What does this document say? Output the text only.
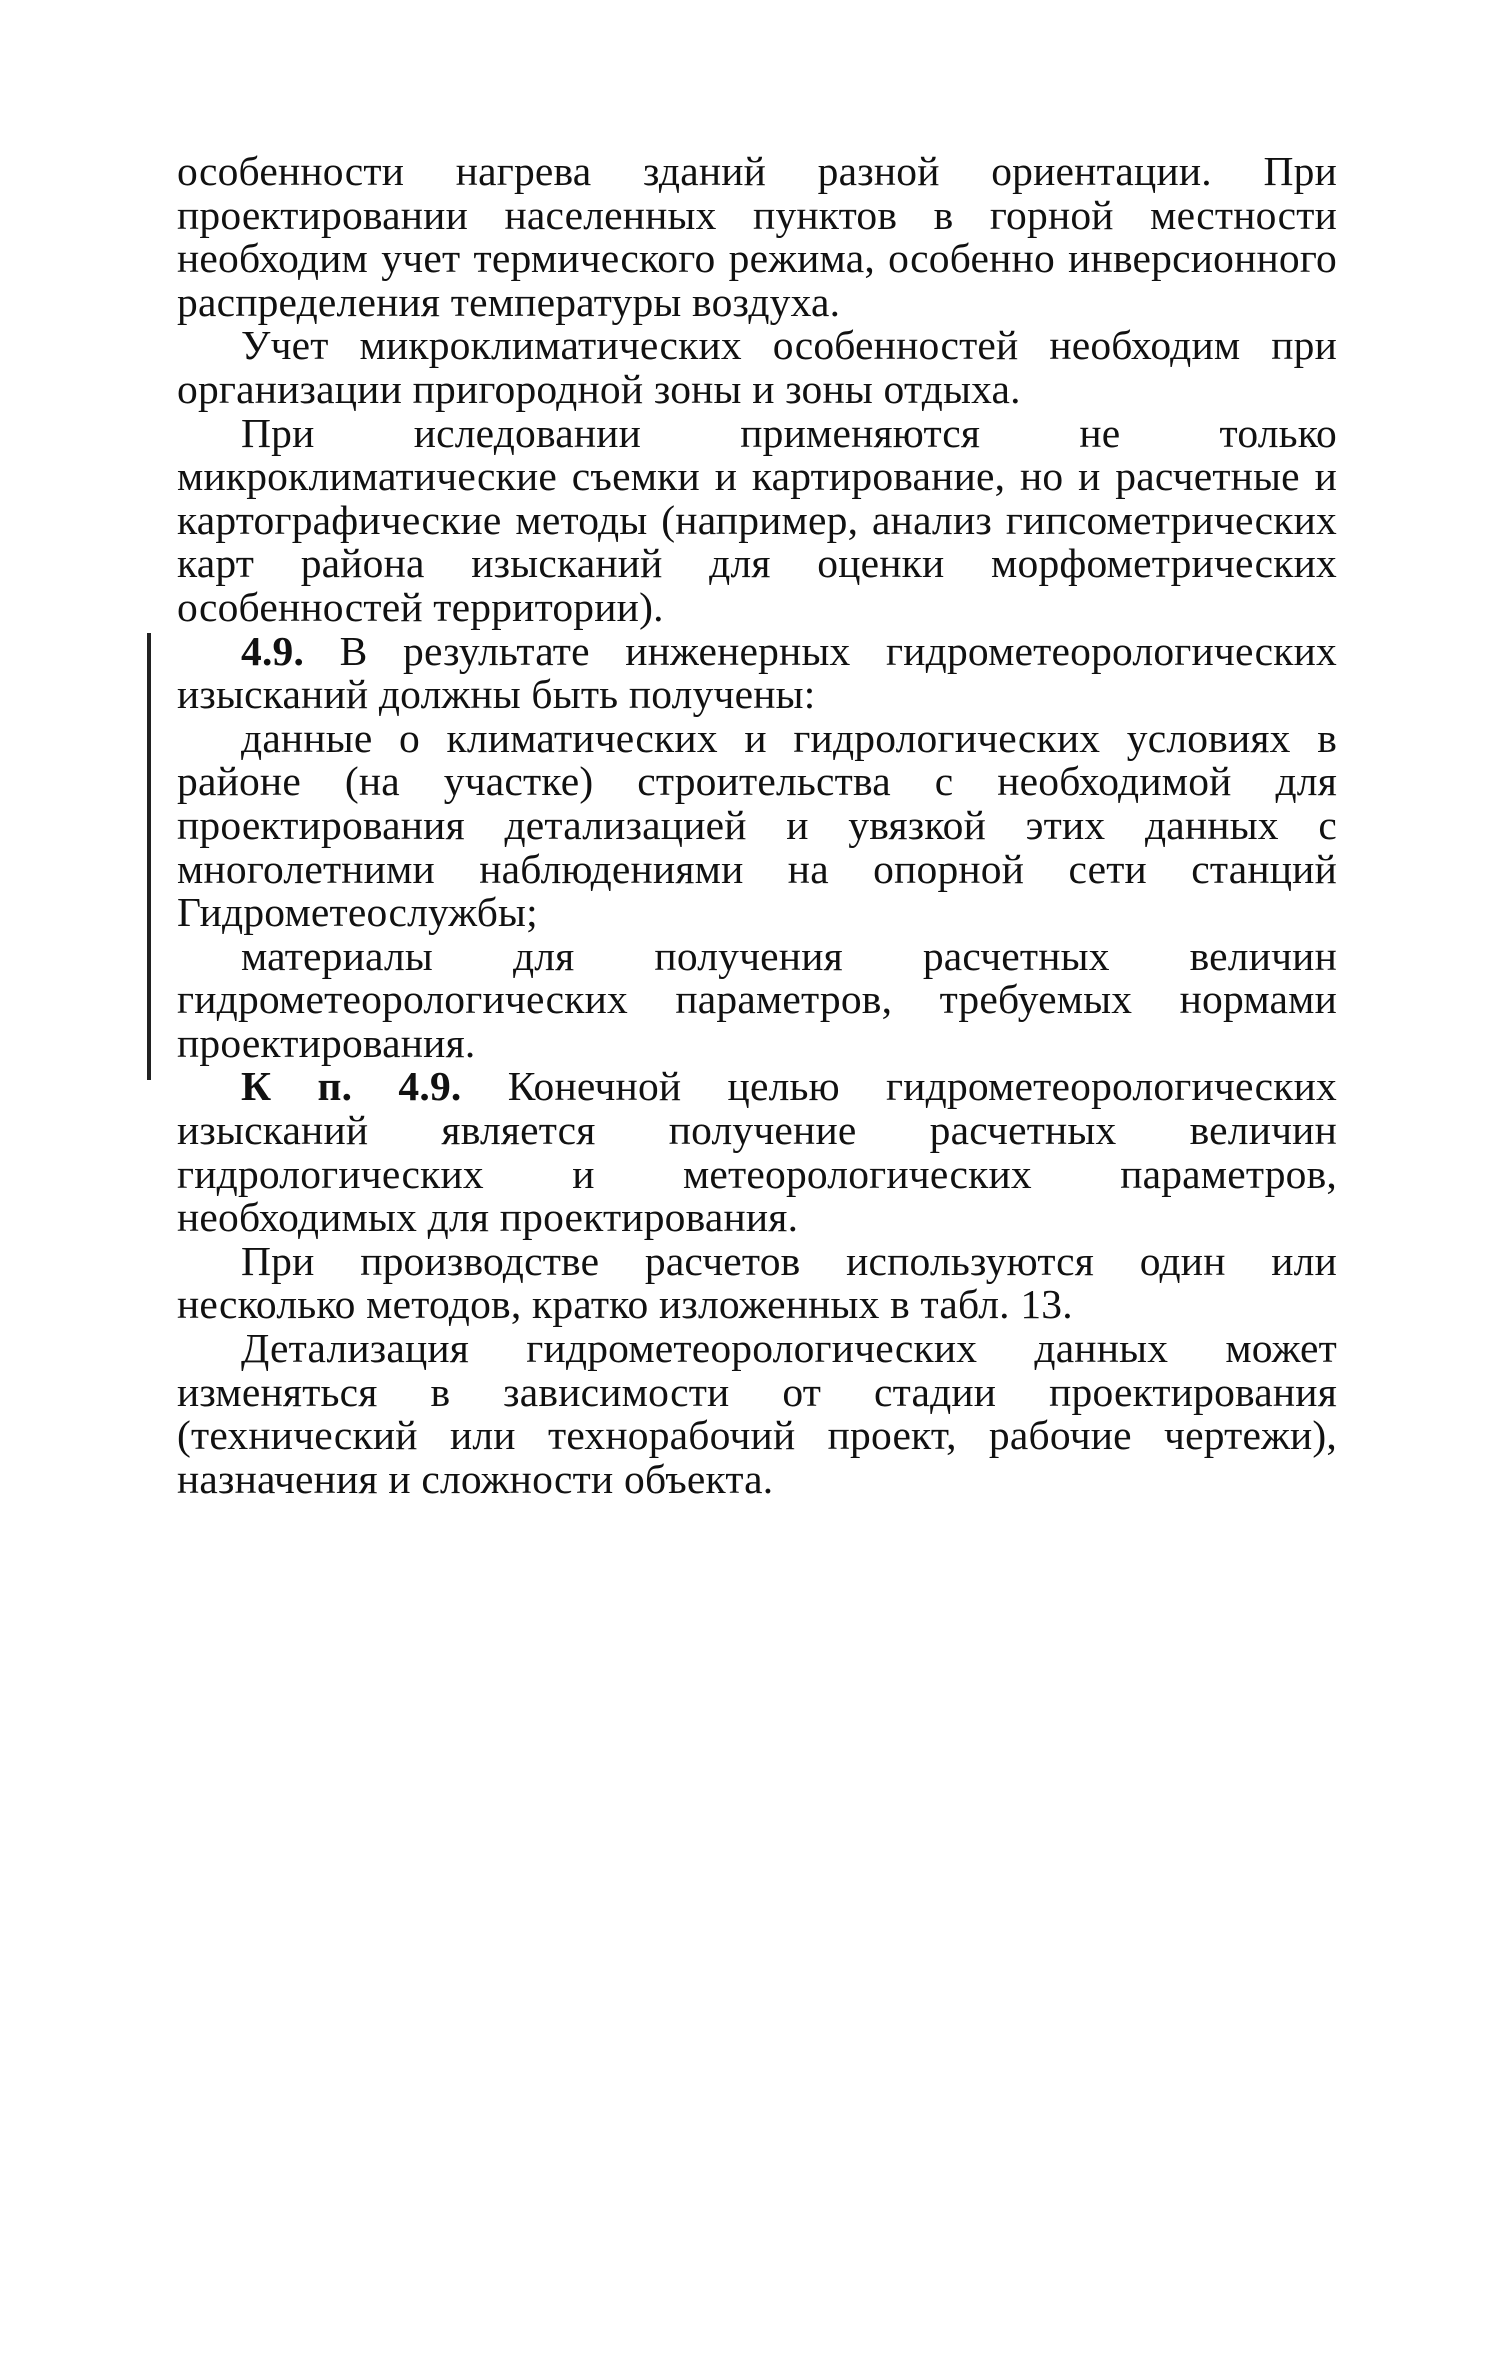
особенности нагрева зданий разной ориентации. При проектировании населенных пунктов в горной местности необходим учет термического режима, особенно инверсионного распределения температуры воздуха.

Учет микроклиматических особенностей необходим при организации пригородной зоны и зоны отдыха.

При иследовании применяются не только микроклиматические съемки и картирование, но и расчетные и картографические методы (например, анализ гипсометрических карт района изысканий для оценки морфометрических особенностей территории).

4.9. В результате инженерных гидрометеорологических изысканий должны быть получены:

данные о климатических и гидрологических условиях в районе (на участке) строительства с необходимой для проектирования детализацией и увязкой этих данных с многолетними наблюдениями на опорной сети станций Гидрометеослужбы;

материалы для получения расчетных величин гидрометеорологических параметров, требуемых нормами проектирования.

К п. 4.9. Конечной целью гидрометеорологических изысканий является получение расчетных величин гидрологических и метеорологических параметров, необходимых для проектирования.

При производстве расчетов используются один или несколько методов, кратко изложенных в табл. 13.

Детализация гидрометеорологических данных может изменяться в зависимости от стадии проектирования (технический или технорабочий проект, рабочие чертежи), назначения и сложности объекта.
